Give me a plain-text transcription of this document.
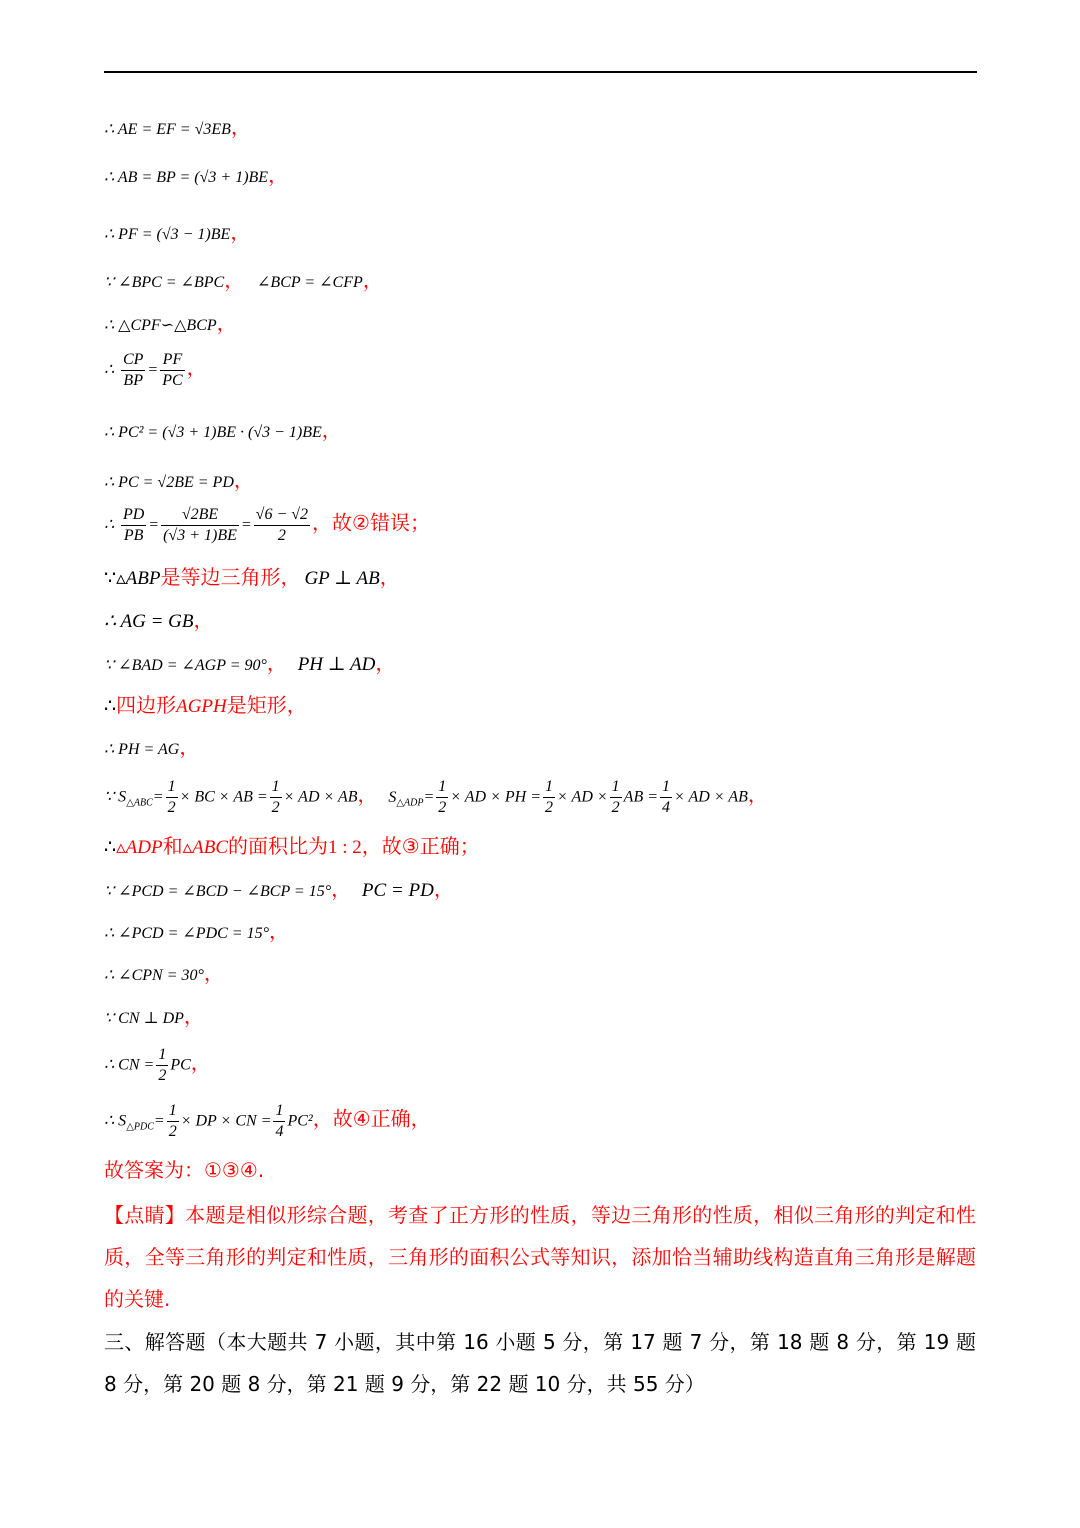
∴ AE = EF = √3EB，
∴ AB = BP = (√3 + 1)BE，
∴ PF = (√3 − 1)BE，
∵ ∠BPC = ∠BPC， ∠BCP = ∠CFP，
∴ △CPF∽△BCP，
∴ $\frac{CP}{BP} = \frac{PF}{PC}$ ，
∴ PC² = (√3 + 1)BE · (√3 − 1)BE，
∴ PC = √2BE = PD，
∴ $\frac{PD}{PB} = \frac{√2BE}{(√3 + 1)BE} = \frac{√6 - √2}{2}$ ，故②错误；
∵▵ABP是等边三角形， GP ⊥ AB，
∴ AG = GB，
∵ ∠BAD = ∠AGP = 90°， PH ⊥ AD，
∴四边形AGPH是矩形，
∴ PH = AG，
∵ $S_{\triangle ABC}= \frac{1}{2}$ × BC × AB = $\frac{1}{2}$ × AD × AB， $S_{\triangle ADP}= \frac{1}{2}$ × AD × PH = $\frac{1}{2}$ × AD × $\frac{1}{2}$ AB = $\frac{1}{4}$ × AD × AB，
∴▵ADP和▵ABC的面积比为1 : 2，故③正确；
∵ ∠PCD = ∠BCD − ∠BCP = 15°， PC = PD，
∴ ∠PCD = ∠PDC = 15°，
∴ ∠CPN = 30°，
∵ CN ⊥ DP，
∴ CN = $\frac{1}{2}$ PC，
∴ $S_{\triangle PDC}= \frac{1}{2}$ × DP × CN = $\frac{1}{4} PC^2$，故④正确，
故答案为：①③④.
【点睛】本题是相似形综合题，考查了正方形的性质，等边三角形的性质，相似三角形的判定和性质，全等三角形的判定和性质，三角形的面积公式等知识，添加恰当辅助线构造直角三角形是解题的关键.
三、解答题（本大题共 7 小题，其中第 16 小题 5 分，第 17 题 7 分，第 18 题 8 分，第 19 题 8 分，第 20 题 8 分，第 21 题 9 分，第 22 题 10 分，共 55 分）
